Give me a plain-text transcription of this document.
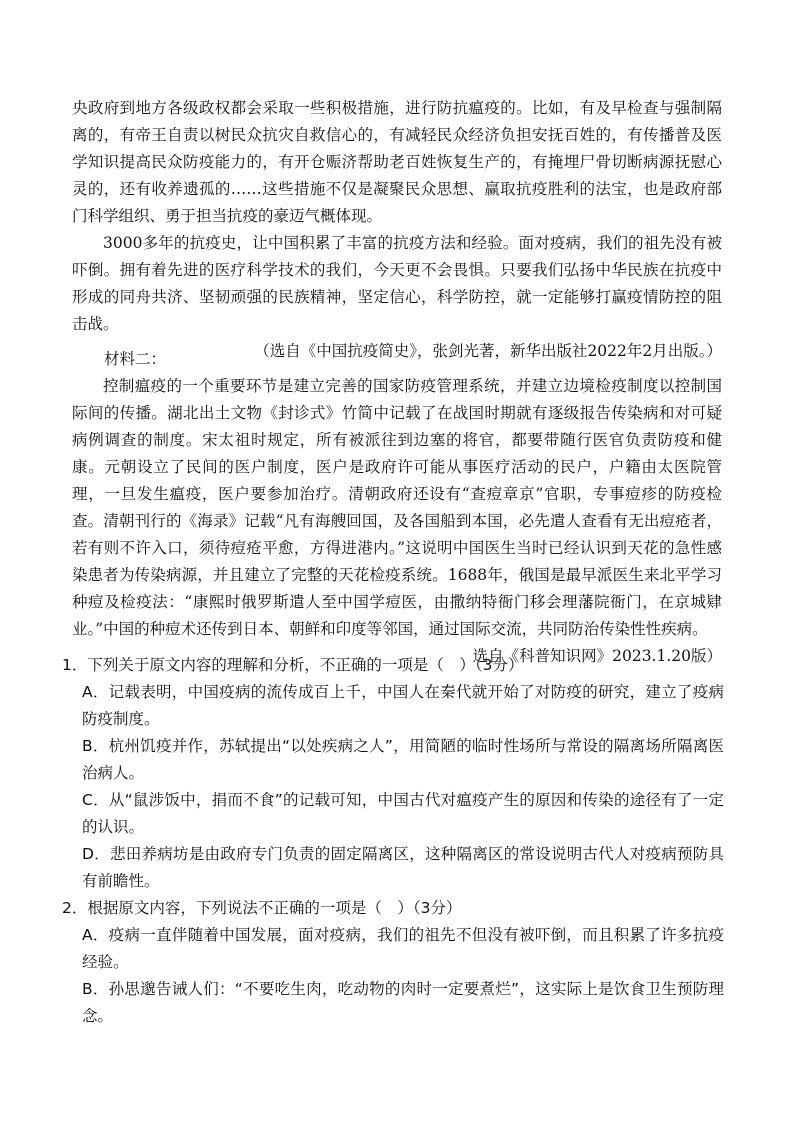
央政府到地方各级政权都会采取一些积极措施，进行防抗瘟疫的。比如，有及早检查与强制隔离的，有帝王自责以树民众抗灾自救信心的，有减轻民众经济负担安抚百姓的，有传播普及医学知识提高民众防疫能力的，有开仓赈济帮助老百姓恢复生产的，有掩埋尸骨切断病源抚慰心灵的，还有收养遗孤的……这些措施不仅是凝聚民众思想、赢取抗疫胜利的法宝，也是政府部门科学组织、勇于担当抗疫的豪迈气概体现。

3000多年的抗疫史，让中国积累了丰富的抗疫方法和经验。面对疫病，我们的祖先没有被吓倒。拥有着先进的医疗科学技术的我们，今天更不会畏惧。只要我们弘扬中华民族在抗疫中形成的同舟共济、坚韧顽强的民族精神，坚定信心，科学防控，就一定能够打赢疫情防控的阻击战。

（选自《中国抗疫简史》，张剑光著，新华出版社2022年2月出版。）

材料二：

控制瘟疫的一个重要环节是建立完善的国家防疫管理系统，并建立边境检疫制度以控制国际间的传播。湖北出土文物《封诊式》竹简中记载了在战国时期就有逐级报告传染病和对可疑病例调查的制度。宋太祖时规定，所有被派往到边塞的将官，都要带随行医官负责防疫和健康。元朝设立了民间的医户制度，医户是政府许可能从事医疗活动的民户，户籍由太医院管理，一旦发生瘟疫，医户要参加治疗。清朝政府还设有“查痘章京”官职，专事痘疹的防疫检查。清朝刊行的《海录》记载“凡有海艘回国，及各国船到本国，必先遣人查看有无出痘疮者，若有则不许入口，须待痘疮平愈，方得进港内。”这说明中国医生当时已经认识到天花的急性感染患者为传染病源，并且建立了完整的天花检疫系统。1688年，俄国是最早派医生来北平学习种痘及检疫法：“康熙时俄罗斯遣人至中国学痘医，由撒纳特衙门移会理藩院衙门，在京城肄业。”中国的种痘术还传到日本、朝鲜和印度等邻国，通过国际交流，共同防治传染性性疾病。

选自《科普知识网》2023.1.20版）

1．下列关于原文内容的理解和分析，不正确的一项是（　）（3分）

A．记载表明，中国疫病的流传成百上千，中国人在秦代就开始了对防疫的研究，建立了疫病防疫制度。

B．杭州饥疫并作，苏轼提出“以处疾病之人”，用简陋的临时性场所与常设的隔离场所隔离医治病人。

C．从“鼠涉饭中，捐而不食”的记载可知，中国古代对瘟疫产生的原因和传染的途径有了一定的认识。

D．悲田养病坊是由政府专门负责的固定隔离区，这种隔离区的常设说明古代人对疫病预防具有前瞻性。

2．根据原文内容，下列说法不正确的一项是（　）（3分）

A．疫病一直伴随着中国发展，面对疫病，我们的祖先不但没有被吓倒，而且积累了许多抗疫经验。

B．孙思邈告诫人们：“不要吃生肉，吃动物的肉时一定要煮烂”，这实际上是饮食卫生预防理念。
